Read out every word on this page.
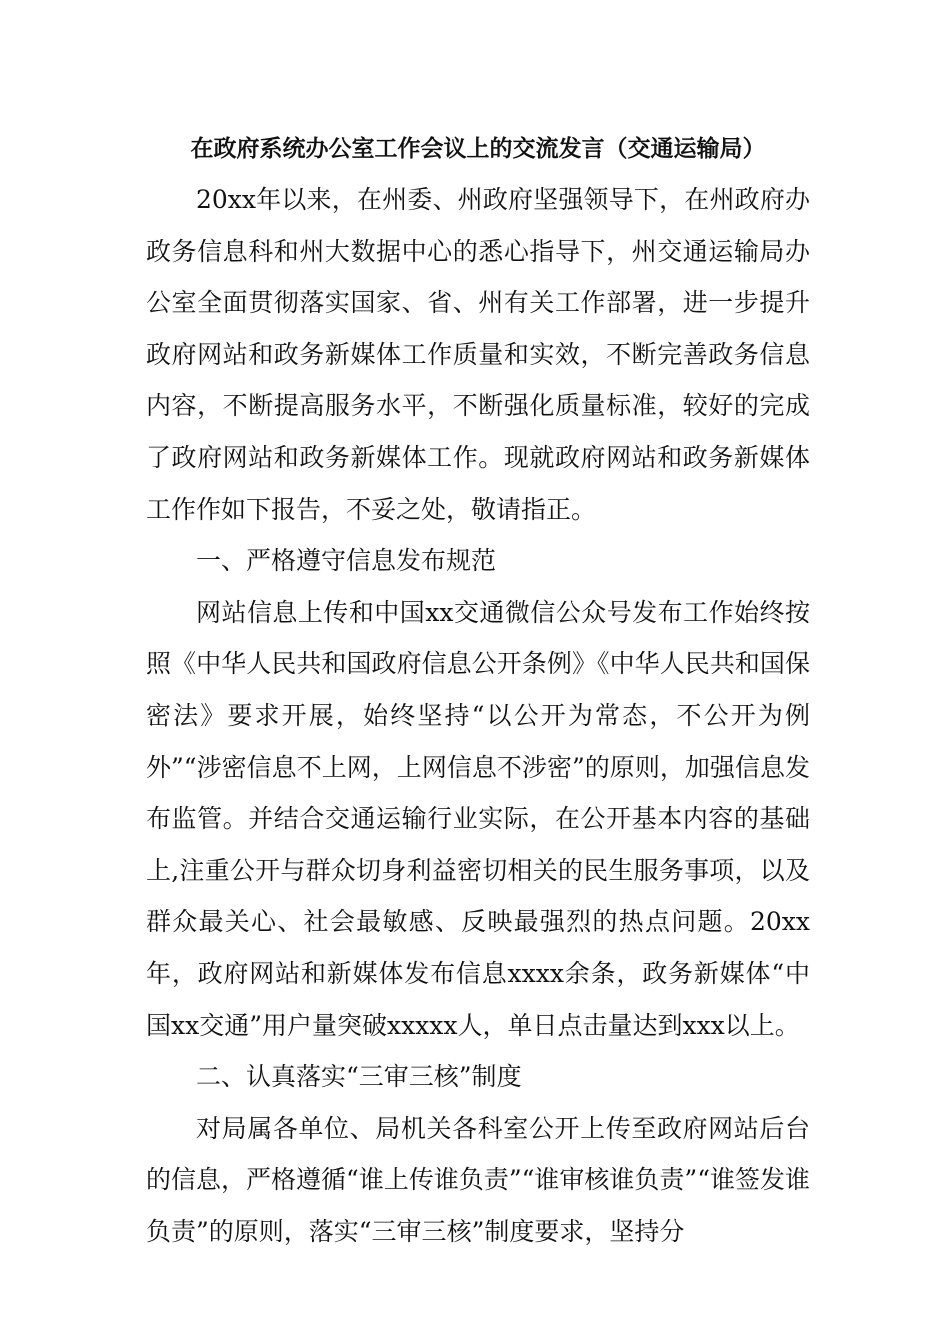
在政府系统办公室工作会议上的交流发言（交通运输局）

20xx年以来，在州委、州政府坚强领导下，在州政府办政务信息科和州大数据中心的悉心指导下，州交通运输局办公室全面贯彻落实国家、省、州有关工作部署，进一步提升政府网站和政务新媒体工作质量和实效，不断完善政务信息内容，不断提高服务水平，不断强化质量标准，较好的完成了政府网站和政务新媒体工作。现就政府网站和政务新媒体工作作如下报告，不妥之处，敬请指正。

一、严格遵守信息发布规范

网站信息上传和中国xx交通微信公众号发布工作始终按照《中华人民共和国政府信息公开条例》《中华人民共和国保密法》要求开展，始终坚持“以公开为常态，不公开为例外”“涉密信息不上网，上网信息不涉密”的原则，加强信息发布监管。并结合交通运输行业实际，在公开基本内容的基础上,注重公开与群众切身利益密切相关的民生服务事项，以及群众最关心、社会最敏感、反映最强烈的热点问题。20xx年，政府网站和新媒体发布信息xxxx余条，政务新媒体“中国xx交通”用户量突破xxxxx人，单日点击量达到xxx以上。

二、认真落实“三审三核”制度

对局属各单位、局机关各科室公开上传至政府网站后台的信息，严格遵循“谁上传谁负责”“谁审核谁负责”“谁签发谁负责”的原则，落实“三审三核”制度要求，坚持分
